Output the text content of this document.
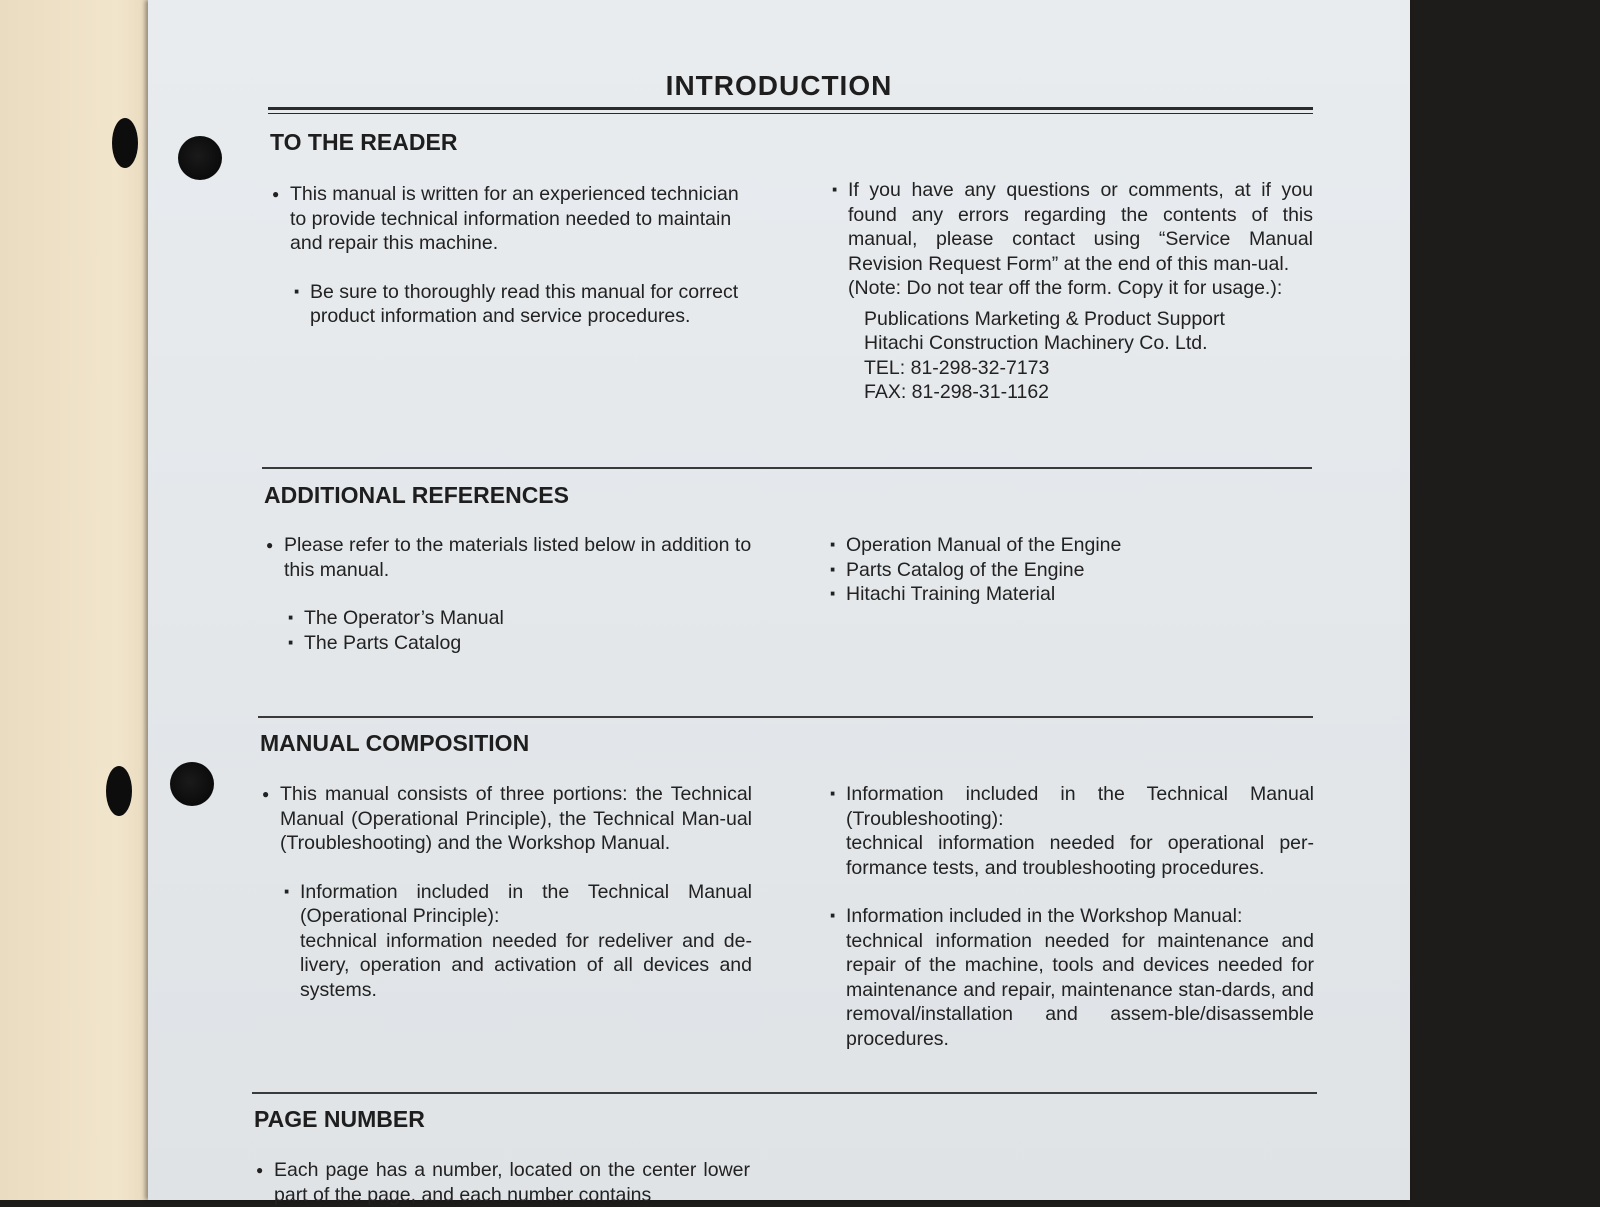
INTRODUCTION
TO THE READER

● This manual is written for an experienced technician to provide technical information needed to maintain and repair this machine.

· Be sure to thoroughly read this manual for correct product information and service procedures.

· If you have any questions or comments, at if you found any errors regarding the contents of this manual, please contact using “Service Manual Revision Request Form” at the end of this man-ual.

(Note: Do not tear off the form. Copy it for usage.):

Publications Marketing & Product Support

Hitachi Construction Machinery Co. Ltd.

TEL: 81-298-32-7173

FAX: 81-298-31-1162

ADDITIONAL REFERENCES

● Please refer to the materials listed below in addition to this manual.

· The Operator’s Manual

· The Parts Catalog

· Operation Manual of the Engine

· Parts Catalog of the Engine

· Hitachi Training Material

MANUAL COMPOSITION

● This manual consists of three portions: the Technical Manual (Operational Principle), the Technical Man-ual (Troubleshooting) and the Workshop Manual.

· Information included in the Technical Manual (Operational Principle):

technical information needed for redeliver and de-livery, operation and activation of all devices and systems.

· Information included in the Technical Manual (Troubleshooting):

technical information needed for operational per-formance tests, and troubleshooting procedures.

· Information included in the Workshop Manual:

technical information needed for maintenance and repair of the machine, tools and devices needed for maintenance and repair, maintenance stan-dards, and removal/installation and assem-ble/disassemble procedures.

PAGE NUMBER

● Each page has a number, located on the center lower part of the page, and each number contains
